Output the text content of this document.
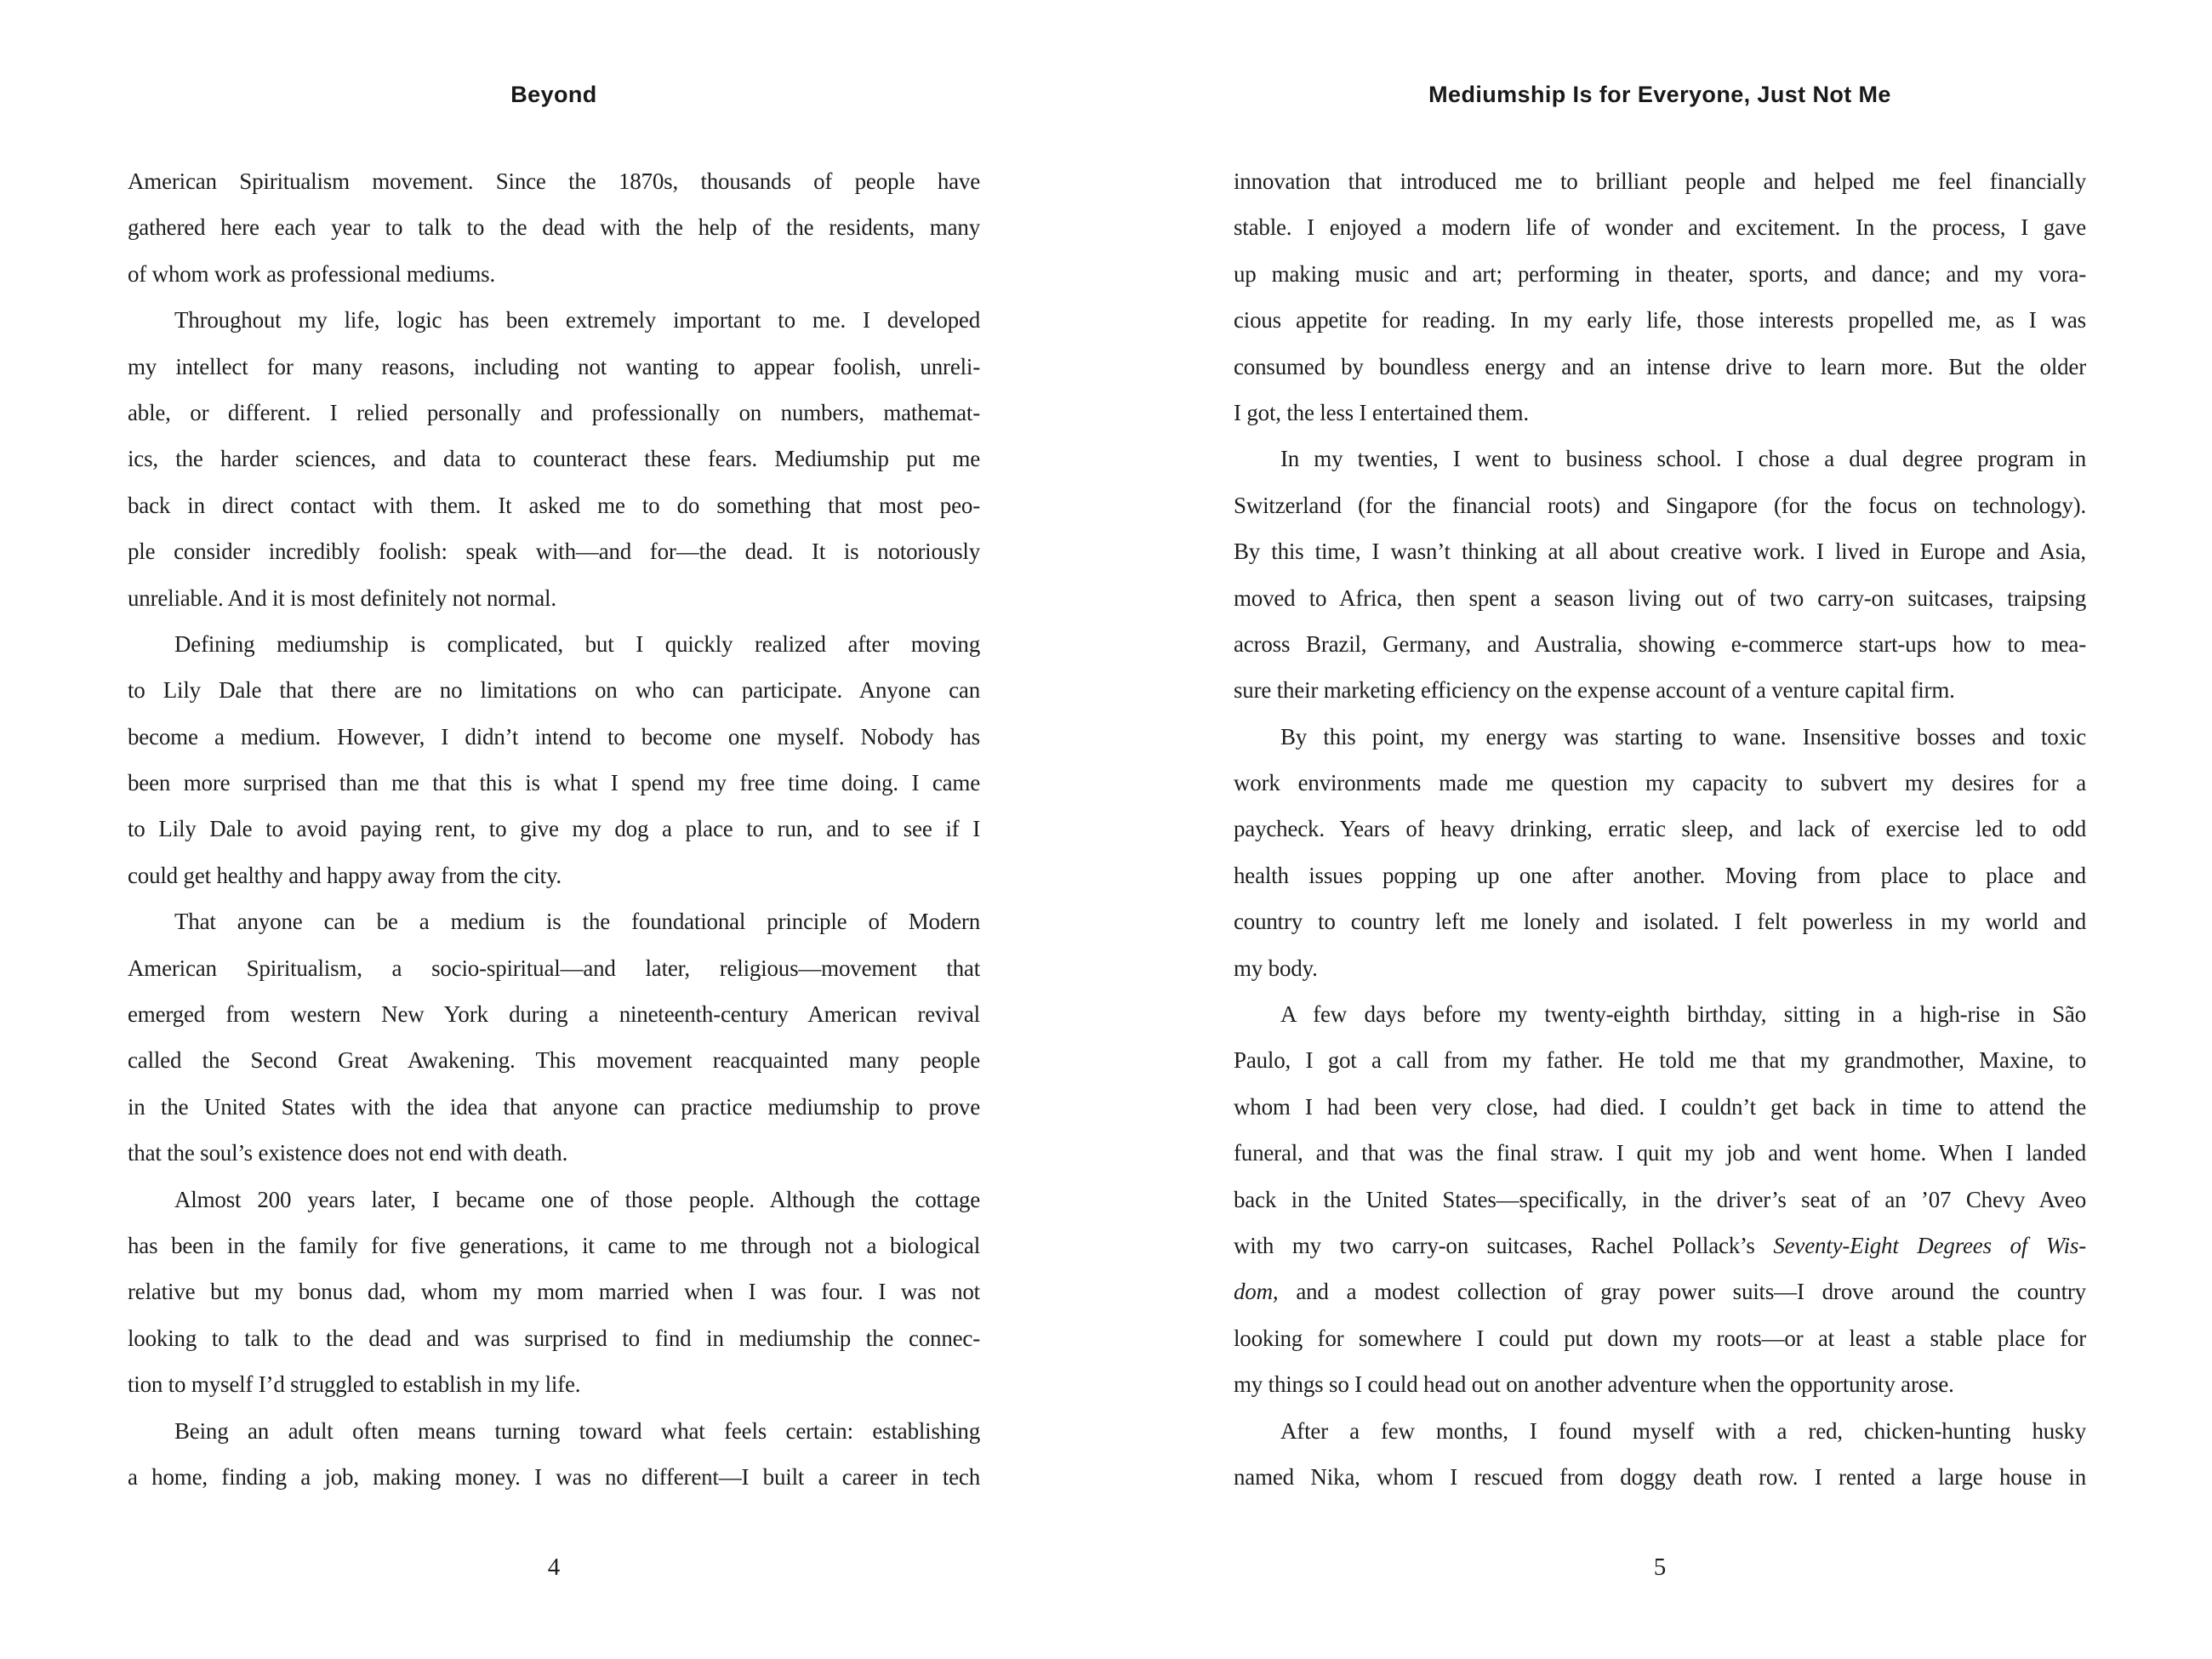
Beyond
American Spiritualism movement. Since the 1870s, thousands of people have
gathered here each year to talk to the dead with the help of the residents, many
of whom work as professional mediums.
Throughout my life, logic has been extremely important to me. I developed
my intellect for many reasons, including not wanting to appear foolish, unreli-
able, or different. I relied personally and professionally on numbers, mathemat-
ics, the harder sciences, and data to counteract these fears. Mediumship put me
back in direct contact with them. It asked me to do something that most peo-
ple consider incredibly foolish: speak with—and for—the dead. It is notoriously
unreliable. And it is most definitely not normal.
Defining mediumship is complicated, but I quickly realized after moving
to Lily Dale that there are no limitations on who can participate. Anyone can
become a medium. However, I didn’t intend to become one myself. Nobody has
been more surprised than me that this is what I spend my free time doing. I came
to Lily Dale to avoid paying rent, to give my dog a place to run, and to see if I
could get healthy and happy away from the city.
That anyone can be a medium is the foundational principle of Modern
American Spiritualism, a socio-spiritual—and later, religious—movement that
emerged from western New York during a nineteenth-century American revival
called the Second Great Awakening. This movement reacquainted many people
in the United States with the idea that anyone can practice mediumship to prove
that the soul’s existence does not end with death.
Almost 200 years later, I became one of those people. Although the cottage
has been in the family for five generations, it came to me through not a biological
relative but my bonus dad, whom my mom married when I was four. I was not
looking to talk to the dead and was surprised to find in mediumship the connec-
tion to myself I’d struggled to establish in my life.
Being an adult often means turning toward what feels certain: establishing
a home, finding a job, making money. I was no different—I built a career in tech
4
Mediumship Is for Everyone, Just Not Me
innovation that introduced me to brilliant people and helped me feel financially
stable. I enjoyed a modern life of wonder and excitement. In the process, I gave
up making music and art; performing in theater, sports, and dance; and my vora-
cious appetite for reading. In my early life, those interests propelled me, as I was
consumed by boundless energy and an intense drive to learn more. But the older
I got, the less I entertained them.
In my twenties, I went to business school. I chose a dual degree program in
Switzerland (for the financial roots) and Singapore (for the focus on technology).
By this time, I wasn’t thinking at all about creative work. I lived in Europe and Asia,
moved to Africa, then spent a season living out of two carry-on suitcases, traipsing
across Brazil, Germany, and Australia, showing e-commerce start-ups how to mea-
sure their marketing efficiency on the expense account of a venture capital firm.
By this point, my energy was starting to wane. Insensitive bosses and toxic
work environments made me question my capacity to subvert my desires for a
paycheck. Years of heavy drinking, erratic sleep, and lack of exercise led to odd
health issues popping up one after another. Moving from place to place and
country to country left me lonely and isolated. I felt powerless in my world and
my body.
A few days before my twenty-eighth birthday, sitting in a high-rise in São
Paulo, I got a call from my father. He told me that my grandmother, Maxine, to
whom I had been very close, had died. I couldn’t get back in time to attend the
funeral, and that was the final straw. I quit my job and went home. When I landed
back in the United States—specifically, in the driver’s seat of an ’07 Chevy Aveo
with my two carry-on suitcases, Rachel Pollack’s Seventy-Eight Degrees of Wis-
dom, and a modest collection of gray power suits—I drove around the country
looking for somewhere I could put down my roots—or at least a stable place for
my things so I could head out on another adventure when the opportunity arose.
After a few months, I found myself with a red, chicken-hunting husky
named Nika, whom I rescued from doggy death row. I rented a large house in
5
